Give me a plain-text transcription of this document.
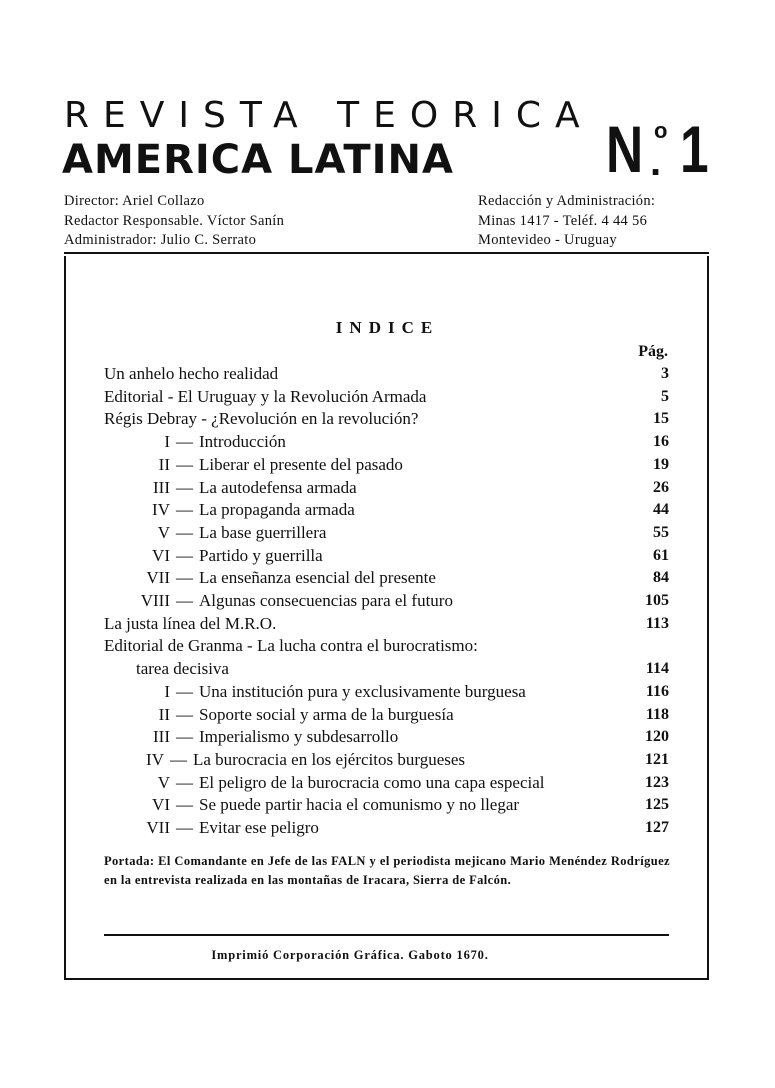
REVISTA TEORICA
AMERICA LATINA N .
o 1
Director: Ariel Collazo
Redactor Responsable. Víctor Sanín
Administrador: Julio C. Serrato
Redacción y Administración:
Minas 1417 - Teléf. 4 44 56
Montevideo - Uruguay
INDICE
Pág.
Un anhelo hecho realidad	3
Editorial - El Uruguay y la Revolución Armada	5
Régis Debray - ¿Revolución en la revolución?	15
I — Introducción	16
II — Liberar el presente del pasado	19
III — La autodefensa armada	26
IV — La propaganda armada	44
V — La base guerrillera	55
VI — Partido y guerrilla	61
VII — La enseñanza esencial del presente	84
VIII — Algunas consecuencias para el futuro	105
La justa línea del M.R.O.	113
Editorial de Granma - La lucha contra el burocratismo:
tarea decisiva	114
I — Una institución pura y exclusivamente burguesa	116
II — Soporte social y arma de la burguesía	118
III — Imperialismo y subdesarrollo	120
IV — La burocracia en los ejércitos burgueses	121
V — El peligro de la burocracia como una capa especial	123
VI — Se puede partir hacia el comunismo y no llegar	125
VII — Evitar ese peligro	127
Portada: El Comandante en Jefe de las FALN y el periodista mejicano Mario Menéndez Rodríguez en la entrevista realizada en las montañas de Iracara, Sierra de Falcón.
Imprimió Corporación Gráfica. Gaboto 1670.
